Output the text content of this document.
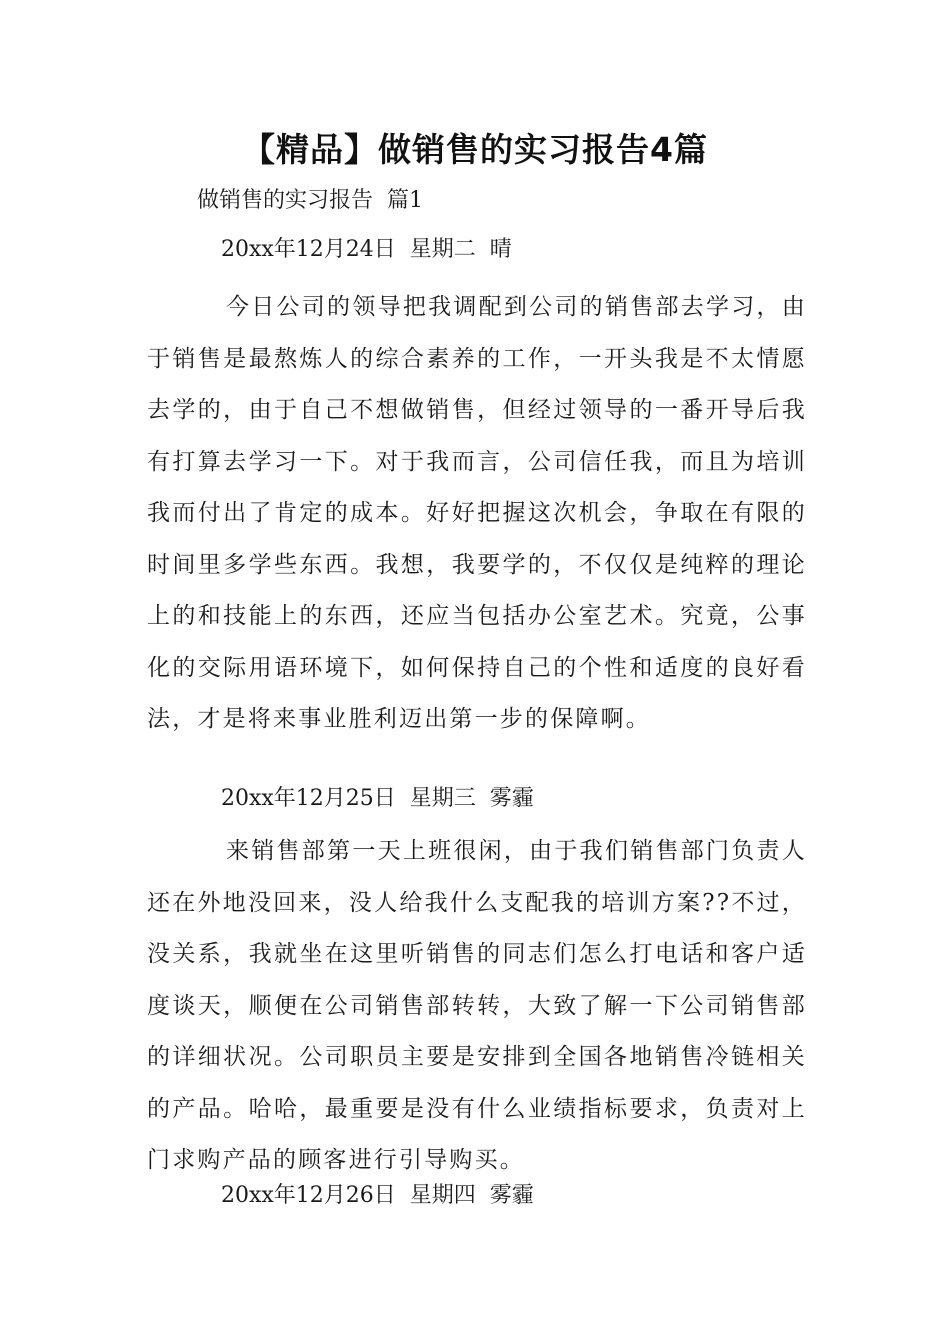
【精品】做销售的实习报告4篇
做销售的实习报告  篇1
20xx年12月24日  星期二  晴
今日公司的领导把我调配到公司的销售部去学习，由于销售是最熬炼人的综合素养的工作，一开头我是不太情愿去学的，由于自己不想做销售，但经过领导的一番开导后我有打算去学习一下。对于我而言，公司信任我，而且为培训我而付出了肯定的成本。好好把握这次机会，争取在有限的时间里多学些东西。我想，我要学的，不仅仅是纯粹的理论上的和技能上的东西，还应当包括办公室艺术。究竟，公事化的交际用语环境下，如何保持自己的个性和适度的良好看法，才是将来事业胜利迈出第一步的保障啊。
20xx年12月25日  星期三  雾霾
来销售部第一天上班很闲，由于我们销售部门负责人还在外地没回来，没人给我什么支配我的培训方案??不过，没关系，我就坐在这里听销售的同志们怎么打电话和客户适度谈天，顺便在公司销售部转转，大致了解一下公司销售部的详细状况。公司职员主要是安排到全国各地销售冷链相关的产品。哈哈，最重要是没有什么业绩指标要求，负责对上门求购产品的顾客进行引导购买。
20xx年12月26日  星期四  雾霾
